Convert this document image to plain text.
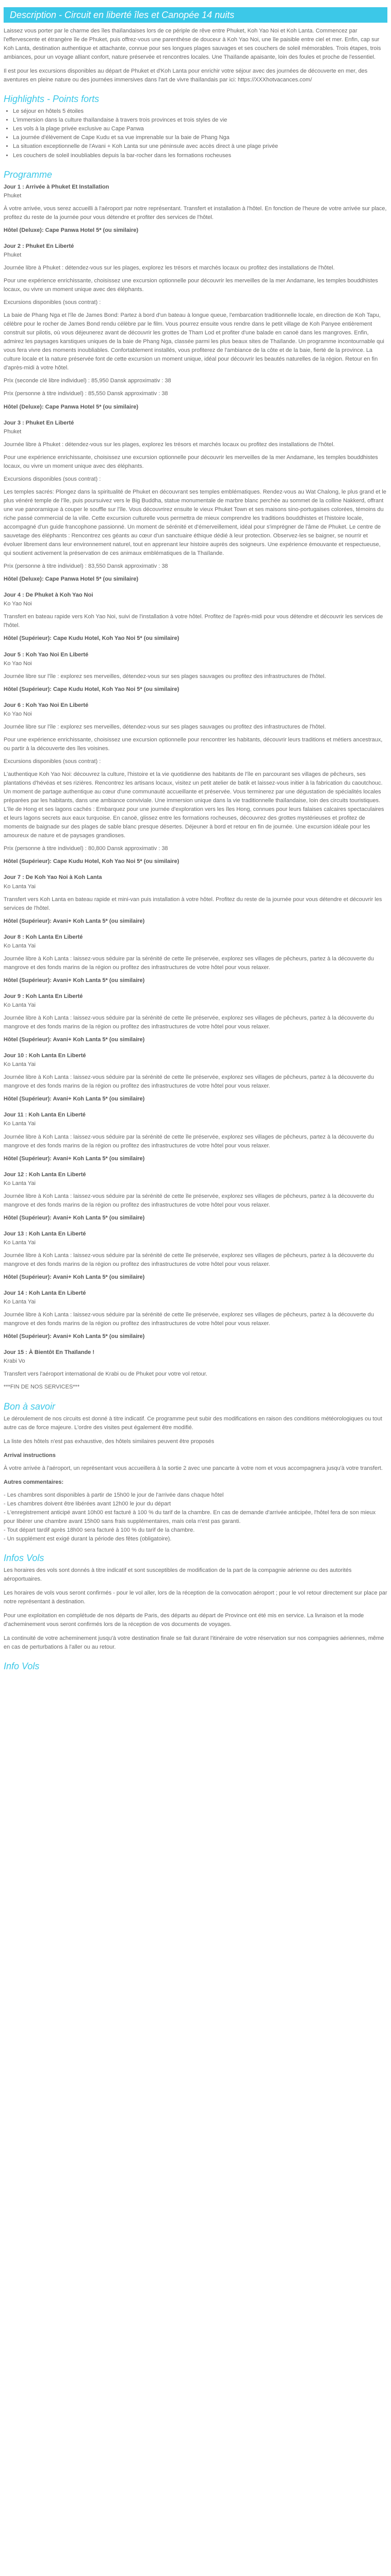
Description - Circuit en liberté îles et Canopée 14 nuits

Laissez vous porter par le charme des îles thaïlandaises lors de ce périple de rêve entre Phuket, Koh Yao Noi et Koh Lanta. Commencez par l'effervescente et étrangère île de Phuket, puis offrez-vous une parenthèse de douceur à Koh Yao Noi, une île paisible entre ciel et mer. Enfin, cap sur Koh Lanta, destination authentique et attachante, connue pour ses longues plages sauvages et ses couchers de soleil mémorables. Trois étapes, trois ambiances, pour un voyage alliant confort, nature préservée et rencontres locales. Une Thaïlande apaisante, loin des foules et proche de l'essentiel.

Il est pour les excursions disponibles au départ de Phuket et d'Koh Lanta pour enrichir votre séjour avec des journées de découverte en mer, des aventures en pleine nature ou des journées immersives dans l'art de vivre thaïlandais par ici: https://XXXhotvacances.com/

Highlights - Points forts
• Le séjour en hôtels 5 étoiles
• L'immersion dans la culture thaïlandaise à travers trois provinces et trois styles de vie
• Les vols à la plage privée exclusive au Cape Panwa
• La journée d'élèvement de Cape Kudu et sa vue imprenable sur la baie de Phang Nga
• La situation exceptionnelle de l'Avani + Koh Lanta sur une péninsule avec accès direct à une plage privée
• Les couchers de soleil inoubliables depuis la bar-rocher dans les formations rocheuses
Programme

Jour 1 : Arrivée à Phuket Et Installation

Phuket

À votre arrivée, vous serez accueilli à l'aéroport par notre représentant. Transfert et installation à l'hôtel. En fonction de l'heure de votre arrivée sur place, profitez du reste de la journée pour vous détendre et profiter des services de l'hôtel.

Hôtel (Deluxe): Cape Panwa Hotel 5* (ou similaire)

Jour 2 : Phuket En Liberté

Phuket

Journée libre à Phuket : détendez-vous sur les plages, explorez les trésors et marchés locaux ou profitez des installations de l'hôtel.

Pour une expérience enrichissante, choisissez une excursion optionnelle pour découvrir les merveilles de la mer Andamane, les temples bouddhistes locaux, ou vivre un moment unique avec des éléphants.

Excursions disponibles (sous contrat) :

La baie de Phang Nga et l'île de James Bond: Partez à bord d'un bateau à longue queue, l'embarcation traditionnelle locale, en direction de Koh Tapu, célèbre pour le rocher de James Bond rendu célèbre par le film. Vous pourrez ensuite vous rendre dans le petit village de Koh Panyee entièrement construit sur pilotis, où vous déjeunerez avant de découvrir les grottes de Tham Lod et profiter d'une balade en canoë dans les mangroves. Enfin, admirez les paysages karstiques uniques de la baie de Phang Nga, classée parmi les plus beaux sites de Thaïlande. Un programme incontournable qui vous fera vivre des moments inoubliables. Confortablement installés, vous profiterez de l'ambiance de la côte et de la baie, fierté de la province. La culture locale et la nature préservée font de cette excursion un moment unique, idéal pour découvrir les beautés naturelles de la région. Retour en fin d'après-midi à votre hôtel.

Prix (seconde clé libre individuel) : 85,950 Dansk approximativ : 38

Prix (personne à titre individuel) : 85,550 Dansk approximativ : 38

Hôtel (Deluxe): Cape Panwa Hotel 5* (ou similaire)

Jour 3 : Phuket En Liberté

Phuket

Journée libre à Phuket : détendez-vous sur les plages, explorez les trésors et marchés locaux ou profitez des installations de l'hôtel.

Pour une expérience enrichissante, choisissez une excursion optionnelle pour découvrir les merveilles de la mer Andamane, les temples bouddhistes locaux, ou vivre un moment unique avec des éléphants.

Excursions disponibles (sous contrat) :

Les temples sacrés: Plongez dans la spiritualité de Phuket en découvrant ses temples emblématiques. Rendez-vous au Wat Chalong, le plus grand et le plus vénéré temple de l'île, puis poursuivez vers le Big Buddha, statue monumentale de marbre blanc perchée au sommet de la colline Nakkerd, offrant une vue panoramique à couper le souffle sur l'île. Vous découvrirez ensuite le vieux Phuket Town et ses maisons sino-portugaises colorées, témoins du riche passé commercial de la ville. Cette excursion culturelle vous permettra de mieux comprendre les traditions bouddhistes et l'histoire locale, accompagné d'un guide francophone passionné. Un moment de sérénité et d'émerveillement, idéal pour s'imprégner de l'âme de Phuket. Le centre de sauvetage des éléphants : Rencontrez ces géants au cœur d'un sanctuaire éthique dédié à leur protection. Observez-les se baigner, se nourrir et évoluer librement dans leur environnement naturel, tout en apprenant leur histoire auprès des soigneurs. Une expérience émouvante et respectueuse, qui soutient activement la préservation de ces animaux emblématiques de la Thaïlande.

Prix (personne à titre individuel) : 83,550 Dansk approximativ : 38

Hôtel (Deluxe): Cape Panwa Hotel 5* (ou similaire)

Jour 4 : De Phuket à Koh Yao Noi

Ko Yao Noi

Transfert en bateau rapide vers Koh Yao Noi, suivi de l'installation à votre hôtel. Profitez de l'après-midi pour vous détendre et découvrir les services de l'hôtel.

Hôtel (Supérieur): Cape Kudu Hotel, Koh Yao Noi 5* (ou similaire)

Jour 5 : Koh Yao Noi En Liberté

Ko Yao Noi

Journée libre sur l'île : explorez ses merveilles, détendez-vous sur ses plages sauvages ou profitez des infrastructures de l'hôtel.

Hôtel (Supérieur): Cape Kudu Hotel, Koh Yao Noi 5* (ou similaire)

Jour 6 : Koh Yao Noi En Liberté

Ko Yao Noi

Journée libre sur l'île : explorez ses merveilles, détendez-vous sur ses plages sauvages ou profitez des infrastructures de l'hôtel.

Pour une expérience enrichissante, choisissez une excursion optionnelle pour rencontrer les habitants, découvrir leurs traditions et métiers ancestraux, ou partir à la découverte des îles voisines.

Excursions disponibles (sous contrat) :

L'authentique Koh Yao Noi: découvrez la culture, l'histoire et la vie quotidienne des habitants de l'île en parcourant ses villages de pêcheurs, ses plantations d'hévéas et ses rizières. Rencontrez les artisans locaux, visitez un petit atelier de batik et laissez-vous initier à la fabrication du caoutchouc. Un moment de partage authentique au cœur d'une communauté accueillante et préservée. Vous terminerez par une dégustation de spécialités locales préparées par les habitants, dans une ambiance conviviale. Une immersion unique dans la vie traditionnelle thaïlandaise, loin des circuits touristiques. L'île de Hong et ses lagons cachés : Embarquez pour une journée d'exploration vers les îles Hong, connues pour leurs falaises calcaires spectaculaires et leurs lagons secrets aux eaux turquoise. En canoë, glissez entre les formations rocheuses, découvrez des grottes mystérieuses et profitez de moments de baignade sur des plages de sable blanc presque désertes. Déjeuner à bord et retour en fin de journée. Une excursion idéale pour les amoureux de nature et de paysages grandioses.

Prix (personne à titre individuel) : 80,800 Dansk approximativ : 38

Hôtel (Supérieur): Cape Kudu Hotel, Koh Yao Noi 5* (ou similaire)

Jour 7 : De Koh Yao Noi à Koh Lanta

Ko Lanta Yai

Transfert vers Koh Lanta en bateau rapide et mini-van puis installation à votre hôtel. Profitez du reste de la journée pour vous détendre et découvrir les services de l'hôtel.

Hôtel (Supérieur): Avani+ Koh Lanta 5* (ou similaire)

Jour 8 : Koh Lanta En Liberté

Ko Lanta Yai

Journée libre à Koh Lanta : laissez-vous séduire par la sérénité de cette île préservée, explorez ses villages de pêcheurs, partez à la découverte du mangrove et des fonds marins de la région ou profitez des infrastructures de votre hôtel pour vous relaxer.

Hôtel (Supérieur): Avani+ Koh Lanta 5* (ou similaire)

Jour 9 : Koh Lanta En Liberté

Ko Lanta Yai

Journée libre à Koh Lanta : laissez-vous séduire par la sérénité de cette île préservée, explorez ses villages de pêcheurs, partez à la découverte du mangrove et des fonds marins de la région ou profitez des infrastructures de votre hôtel pour vous relaxer.

Hôtel (Supérieur): Avani+ Koh Lanta 5* (ou similaire)

Jour 10 : Koh Lanta En Liberté

Ko Lanta Yai

Journée libre à Koh Lanta : laissez-vous séduire par la sérénité de cette île préservée, explorez ses villages de pêcheurs, partez à la découverte du mangrove et des fonds marins de la région ou profitez des infrastructures de votre hôtel pour vous relaxer.

Hôtel (Supérieur): Avani+ Koh Lanta 5* (ou similaire)

Jour 11 : Koh Lanta En Liberté

Ko Lanta Yai

Journée libre à Koh Lanta : laissez-vous séduire par la sérénité de cette île préservée, explorez ses villages de pêcheurs, partez à la découverte du mangrove et des fonds marins de la région ou profitez des infrastructures de votre hôtel pour vous relaxer.

Hôtel (Supérieur): Avani+ Koh Lanta 5* (ou similaire)

Jour 12 : Koh Lanta En Liberté

Ko Lanta Yai

Journée libre à Koh Lanta : laissez-vous séduire par la sérénité de cette île préservée, explorez ses villages de pêcheurs, partez à la découverte du mangrove et des fonds marins de la région ou profitez des infrastructures de votre hôtel pour vous relaxer.

Hôtel (Supérieur): Avani+ Koh Lanta 5* (ou similaire)

Jour 13 : Koh Lanta En Liberté

Ko Lanta Yai

Journée libre à Koh Lanta : laissez-vous séduire par la sérénité de cette île préservée, explorez ses villages de pêcheurs, partez à la découverte du mangrove et des fonds marins de la région ou profitez des infrastructures de votre hôtel pour vous relaxer.

Hôtel (Supérieur): Avani+ Koh Lanta 5* (ou similaire)

Jour 14 : Koh Lanta En Liberté

Ko Lanta Yai

Journée libre à Koh Lanta : laissez-vous séduire par la sérénité de cette île préservée, explorez ses villages de pêcheurs, partez à la découverte du mangrove et des fonds marins de la région ou profitez des infrastructures de votre hôtel pour vous relaxer.

Hôtel (Supérieur): Avani+ Koh Lanta 5* (ou similaire)

Jour 15 : À Bientôt En Thaïlande !

Krabi Vo

Transfert vers l'aéroport international de Krabi ou de Phuket pour votre vol retour.

***FIN DE NOS SERVICES***

Bon à savoir

Le déroulement de nos circuits est donné à titre indicatif. Ce programme peut subir des modifications en raison des conditions météorologiques ou tout autre cas de force majeure. L'ordre des visites peut également être modifié.

La liste des hôtels n'est pas exhaustive, des hôtels similaires peuvent être proposés

Arrival instructions

À votre arrivée à l'aéroport, un représentant vous accueillera à la sortie 2 avec une pancarte à votre nom et vous accompagnera jusqu'à votre transfert.

Autres commentaires:

- Les chambres sont disponibles à partir de 15h00 le jour de l'arrivée dans chaque hôtel
- Les chambres doivent être libérées avant 12h00 le jour du départ
- L'enregistrement anticipé avant 10h00 est facturé à 100 % du tarif de la chambre. En cas de demande d'arrivée anticipée, l'hôtel fera de son mieux pour libérer une chambre avant 15h00 sans frais supplémentaires, mais cela n'est pas garanti.
- Tout départ tardif après 18h00 sera facturé à 100 % du tarif de la chambre.
- Un supplément est exigé durant la période des fêtes (obligatoire).

Infos Vols

Les horaires des vols sont donnés à titre indicatif et sont susceptibles de modification de la part de la compagnie aérienne ou des autorités aéroportuaires.

Les horaires de vols vous seront confirmés - pour le vol aller, lors de la réception de la convocation aéroport ; pour le vol retour directement sur place par notre représentant à destination.

Pour une exploitation en complétude de nos départs de Paris, des départs au départ de Province ont été mis en service. La livraison et la mode d'acheminement vous seront confirmés lors de la réception de vos documents de voyages.

La continuité de votre acheminement jusqu'à votre destination finale se fait durant l'itinéraire de votre réservation sur nos compagnies aériennes, même en cas de perturbations à l'aller ou au retour.

Info Vols
